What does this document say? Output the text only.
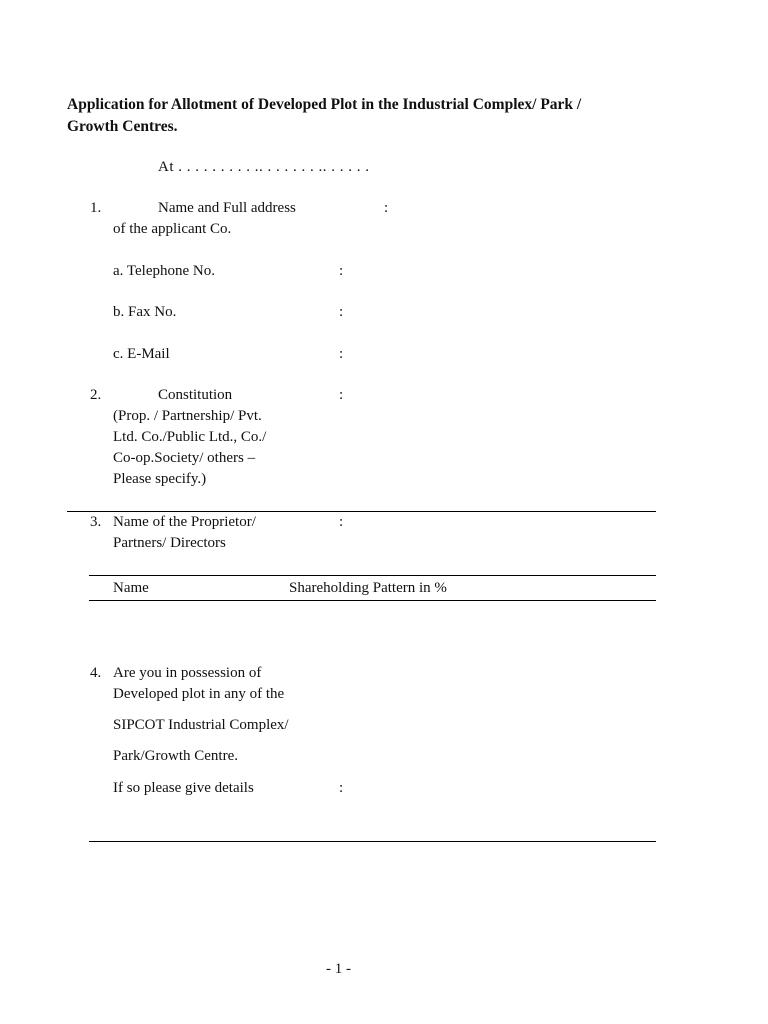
Application for Allotment of Developed Plot in the Industrial Complex/ Park /
Growth Centres.
At . . . . . . . . . .. . . . . . . .. . . . . .
1.	Name and Full address	:
of the applicant Co.
a. Telephone No.	:
b. Fax No.	:
c. E-Mail	:
2.	Constitution	:
(Prop. / Partnership/ Pvt.
Ltd. Co./Public Ltd., Co./
Co-op.Society/ others –
Please specify.)
3. Name of the Proprietor/	:
Partners/ Directors
Name	Shareholding Pattern in %
4. Are you in possession of
Developed plot in any of the
SIPCOT Industrial Complex/
Park/Growth Centre.
If so please give details	:
- 1 -
